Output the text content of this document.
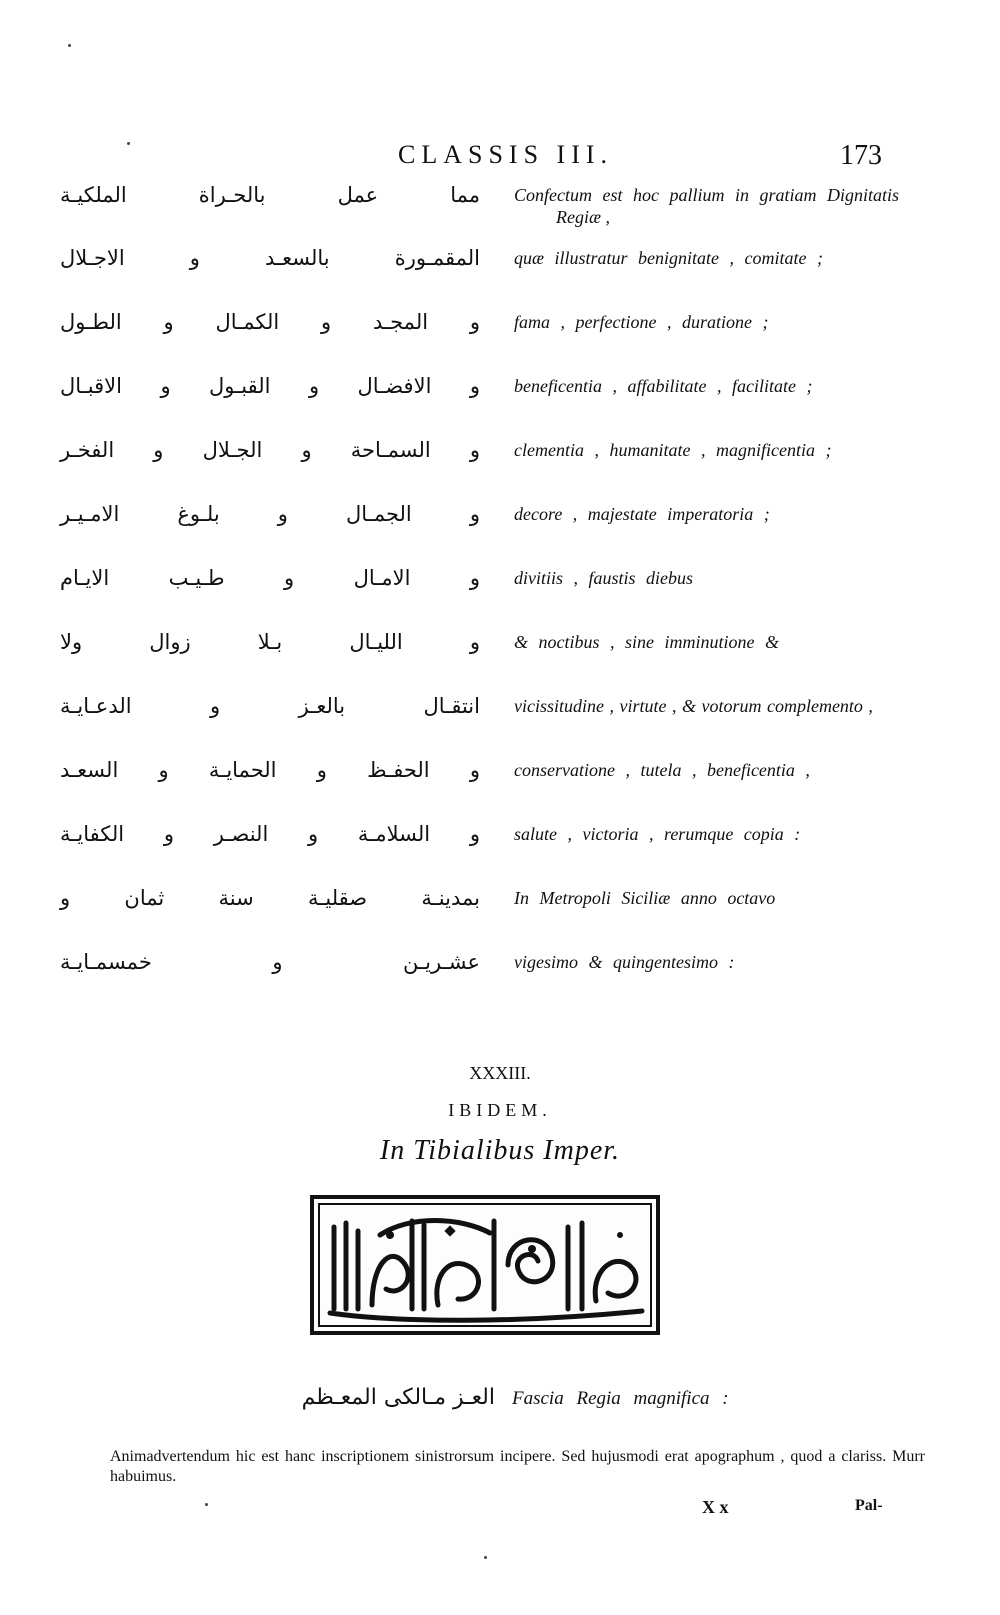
CLASSIS III.	173
مما عمل بالحـراة الملكيـة Confectum est hoc pallium in gratiam Dignitatis
Regiæ ,
المقمـورة بالسعـد و الاجـلال quæ illustratur benignitate , comitate ;
و المجـد و الكمـال و الطـول fama , perfectione , duratione ;
و الافضـال و القبـول و الاقبـال beneficentia , affabilitate , facilitate ;
و السمـاحة و الجـلال و الفخـر clementia , humanitate , magnificentia ;
و الجمـال و بلـوغ الامـيـر decore , majestate imperatoria ;
و الامـال و طـيـب الايـام divitiis , faustis diebus
و الليـال بـلا زوال ولا & noctibus , sine imminutione &
انتقـال بالعـز و الدعـايـة vicissitudine , virtute , & votorum complemento ,
و الحفـظ و الحمايـة و السعـد conservatione , tutela , beneficentia ,
و السلامـة و النصـر و الكفايـة salute , victoria , rerumque copia :
بمدينـة صقليـة سنة ثمان و In Metropoli Siciliæ anno octavo
عشـريـن و خمسمـايـة vigesimo & quingentesimo :
XXXIII.
IBIDEM.
In Tibialibus Imper.
العـز مـالكى المعـظم Fascia Regia magnifica :
Animadvertendum hic est hanc inscriptionem sinistrorsum incipere. Sed hujusmodi erat apographum , quod a clariss. Murr habuimus.
X x	Pal-
